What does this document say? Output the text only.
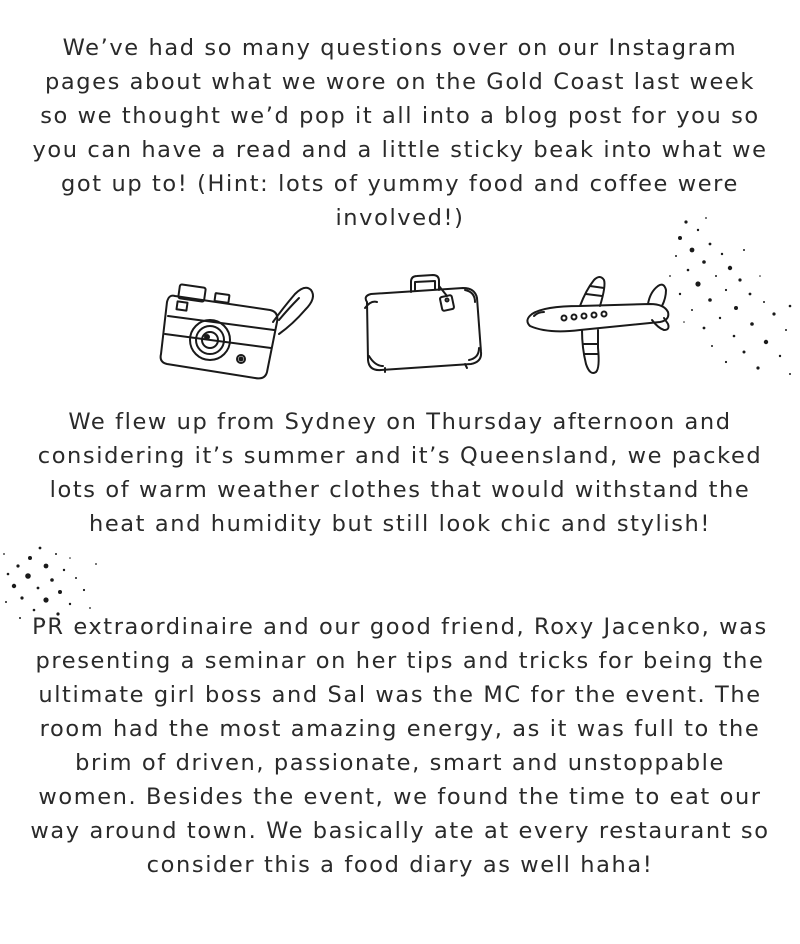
We’ve had so many questions over on our Instagram pages about what we wore on the Gold Coast last week so we thought we’d pop it all into a blog post for you so you can have a read and a little sticky beak into what we got up to! (Hint: lots of yummy food and coffee were involved!)

We flew up from Sydney on Thursday afternoon and considering it’s summer and it’s Queensland, we packed lots of warm weather clothes that would withstand the heat and humidity but still look chic and stylish!

PR extraordinaire and our good friend, Roxy Jacenko, was presenting a seminar on her tips and tricks for being the ultimate girl boss and Sal was the MC for the event. The room had the most amazing energy, as it was full to the brim of driven, passionate, smart and unstoppable women. Besides the event, we found the time to eat our way around town. We basically ate at every restaurant so consider this a food diary as well haha!
